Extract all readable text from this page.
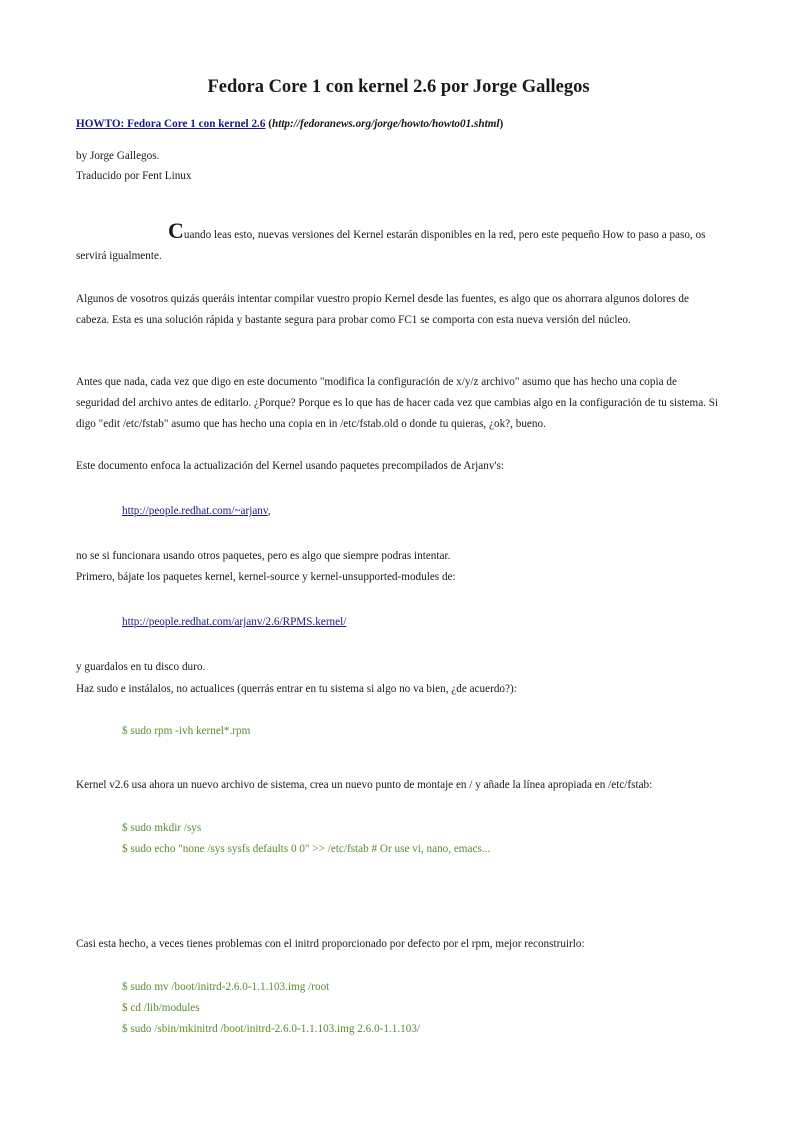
Fedora Core 1 con kernel 2.6 por Jorge Gallegos
HOWTO: Fedora Core 1 con kernel 2.6 (http://fedoranews.org/jorge/howto/howto01.shtml)
by Jorge Gallegos.
Traducido por Fent Linux
Cuando leas esto, nuevas versiones del Kernel estarán disponibles en la red, pero este pequeño How to paso a paso, os servirá igualmente.
Algunos de vosotros quizás queráis intentar compilar vuestro propio Kernel desde las fuentes, es algo que os ahorrara algunos dolores de cabeza. Esta es una solución rápida y bastante segura para probar como FC1 se comporta con esta nueva versión del núcleo.
Antes que nada, cada vez que digo en este documento "modifica la configuración de x/y/z archivo" asumo que has hecho una copia de seguridad del archivo antes de editarlo. ¿Porque? Porque es lo que has de hacer cada vez que cambias algo en la configuración de tu sistema. Si digo "edit /etc/fstab" asumo que has hecho una copia en in /etc/fstab.old o donde tu quieras, ¿ok?, bueno.
Este documento enfoca la actualización del Kernel usando paquetes precompilados de Arjanv's:
http://people.redhat.com/~arjanv,
no se si funcionara usando otros paquetes, pero es algo que siempre podras intentar.
Primero, bájate los paquetes kernel, kernel-source y kernel-unsupported-modules de:
http://people.redhat.com/arjanv/2.6/RPMS.kernel/
y guardalos en tu disco duro.
Haz sudo e instálalos, no actualices (querrás entrar en tu sistema si algo no va bien, ¿de acuerdo?):
$ sudo rpm -ivh kernel*.rpm
Kernel v2.6 usa ahora un nuevo archivo de sistema, crea un nuevo punto de montaje en / y añade la línea apropiada en /etc/fstab:
$ sudo mkdir /sys
$ sudo echo "none /sys sysfs defaults 0 0" >> /etc/fstab # Or use vi, nano, emacs...
Casi esta hecho, a veces tienes problemas con el initrd proporcionado por defecto por el rpm, mejor reconstruirlo:
$ sudo mv /boot/initrd-2.6.0-1.1.103.img /root
$ cd /lib/modules
$ sudo /sbin/mkinitrd /boot/initrd-2.6.0-1.1.103.img 2.6.0-1.1.103/
